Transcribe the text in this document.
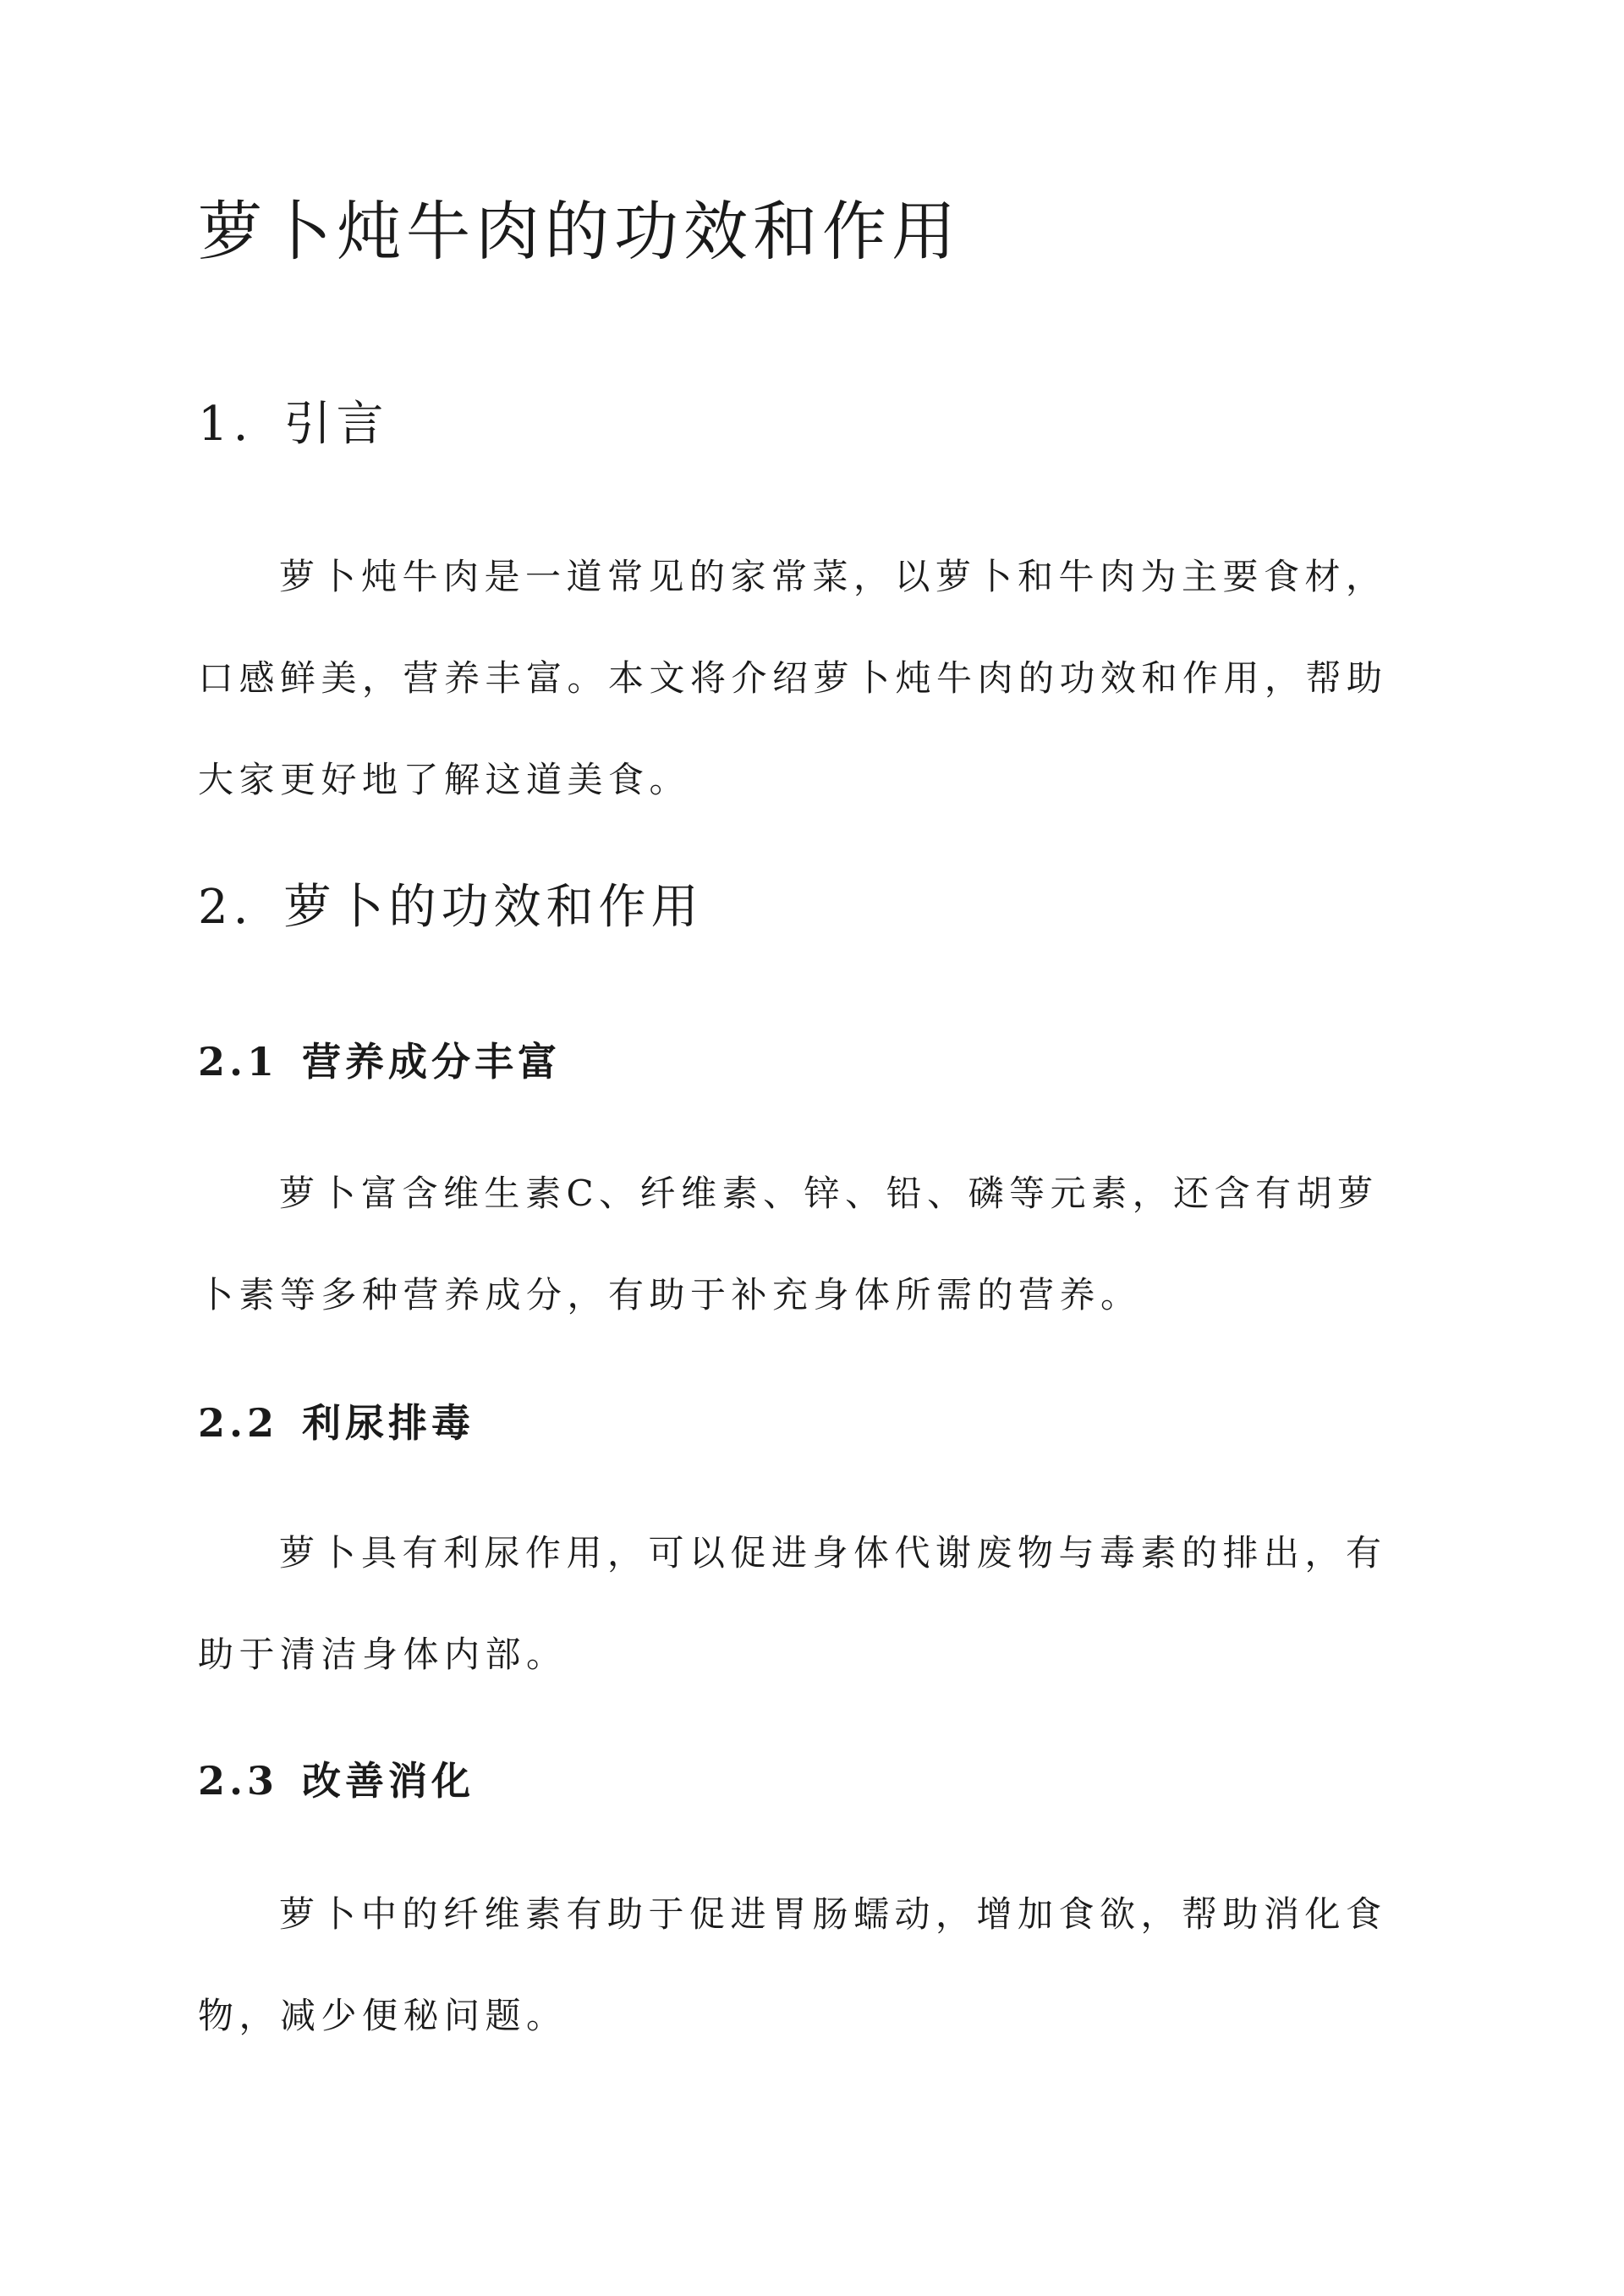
萝卜炖牛肉的功效和作用
1. 引言

萝卜炖牛肉是一道常见的家常菜，以萝卜和牛肉为主要食材，
口感鲜美，营养丰富。本文将介绍萝卜炖牛肉的功效和作用，帮助
大家更好地了解这道美食。

2. 萝卜的功效和作用
2.1 营养成分丰富

萝卜富含维生素C、纤维素、锌、铅、磷等元素，还含有胡萝
卜素等多种营养成分，有助于补充身体所需的营养。

2.2 利尿排毒

萝卜具有利尿作用，可以促进身体代谢废物与毒素的排出，有
助于清洁身体内部。

2.3 改善消化

萝卜中的纤维素有助于促进胃肠蠕动，增加食欲，帮助消化食
物，减少便秘问题。
